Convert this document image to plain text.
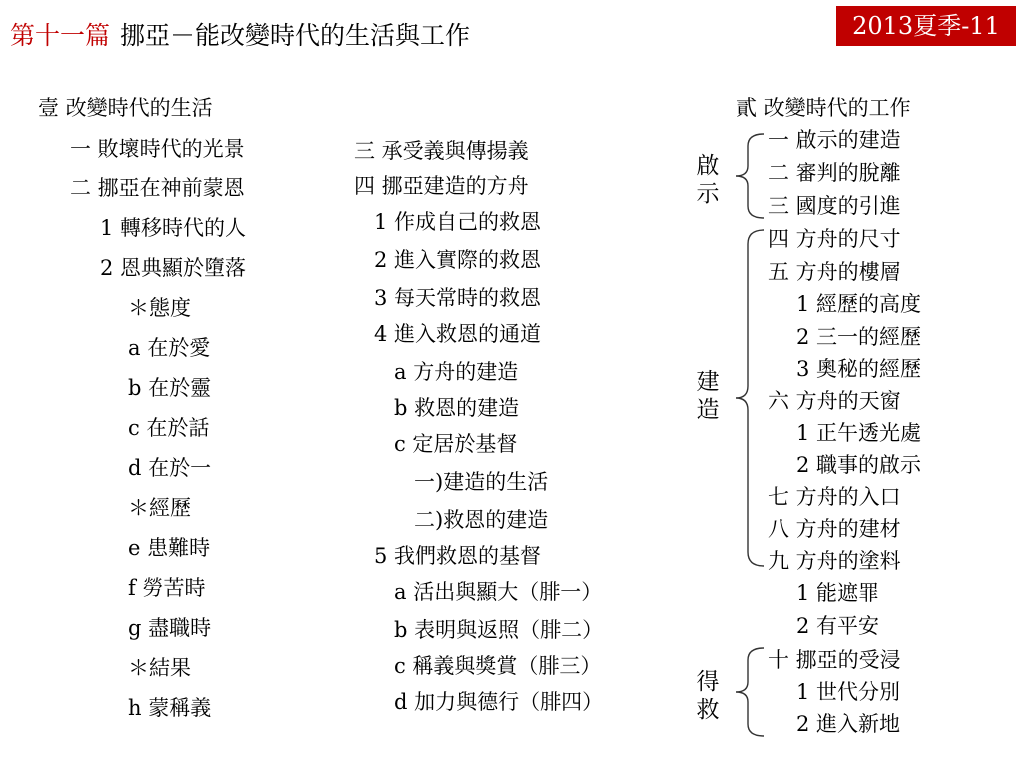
第十一篇 挪亞－能改變時代的生活與工作	2013夏季-11
壹 改變時代的生活
一 敗壞時代的光景
二 挪亞在神前蒙恩
1 轉移時代的人
2 恩典顯於墮落
＊態度
a 在於愛
b 在於靈
c 在於話
d 在於一
＊經歷
e 患難時
f 勞苦時
g 盡職時
＊結果
h 蒙稱義
三 承受義與傳揚義
四 挪亞建造的方舟
1 作成自己的救恩
2 進入實際的救恩
3 每天常時的救恩
4 進入救恩的通道
a 方舟的建造
b 救恩的建造
c 定居於基督
一)建造的生活
二)救恩的建造
5 我們救恩的基督
a 活出與顯大（腓一）
b 表明與返照（腓二）
c 稱義與獎賞（腓三）
d 加力與德行（腓四）
貳 改變時代的工作
一 啟示的建造
二 審判的脫離
三 國度的引進
四 方舟的尺寸
五 方舟的樓層
1 經歷的高度
2 三一的經歷
3 奧秘的經歷
六 方舟的天窗
1 正午透光處
2 職事的啟示
七 方舟的入口
八 方舟的建材
九 方舟的塗料
1 能遮罪
2 有平安
十 挪亞的受浸
1 世代分別
2 進入新地
啟
示
建
造
得
救
